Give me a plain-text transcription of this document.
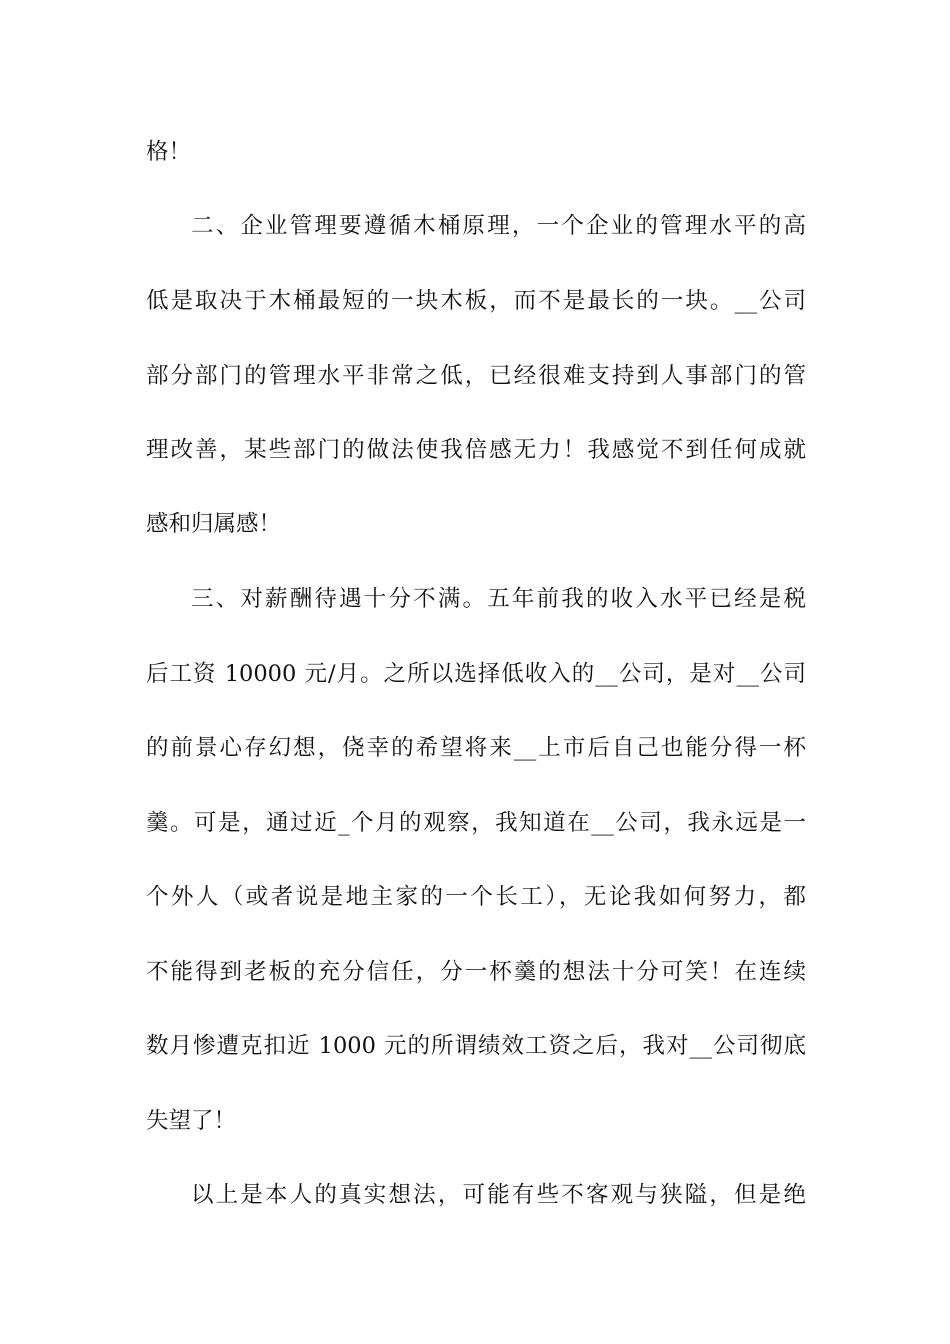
格！
二、企业管理要遵循木桶原理，一个企业的管理水平的高
低是取决于木桶最短的一块木板，而不是最长的一块。__公司
部分部门的管理水平非常之低，已经很难支持到人事部门的管
理改善，某些部门的做法使我倍感无力！我感觉不到任何成就
感和归属感！
三、对薪酬待遇十分不满。五年前我的收入水平已经是税
后工资 10000 元/月。之所以选择低收入的__公司，是对__公司
的前景心存幻想，侥幸的希望将来__上市后自己也能分得一杯
羹。可是，通过近_个月的观察，我知道在__公司，我永远是一
个外人（或者说是地主家的一个长工），无论我如何努力，都
不能得到老板的充分信任，分一杯羹的想法十分可笑！在连续
数月惨遭克扣近 1000 元的所谓绩效工资之后，我对__公司彻底
失望了！
以上是本人的真实想法，可能有些不客观与狭隘，但是绝
